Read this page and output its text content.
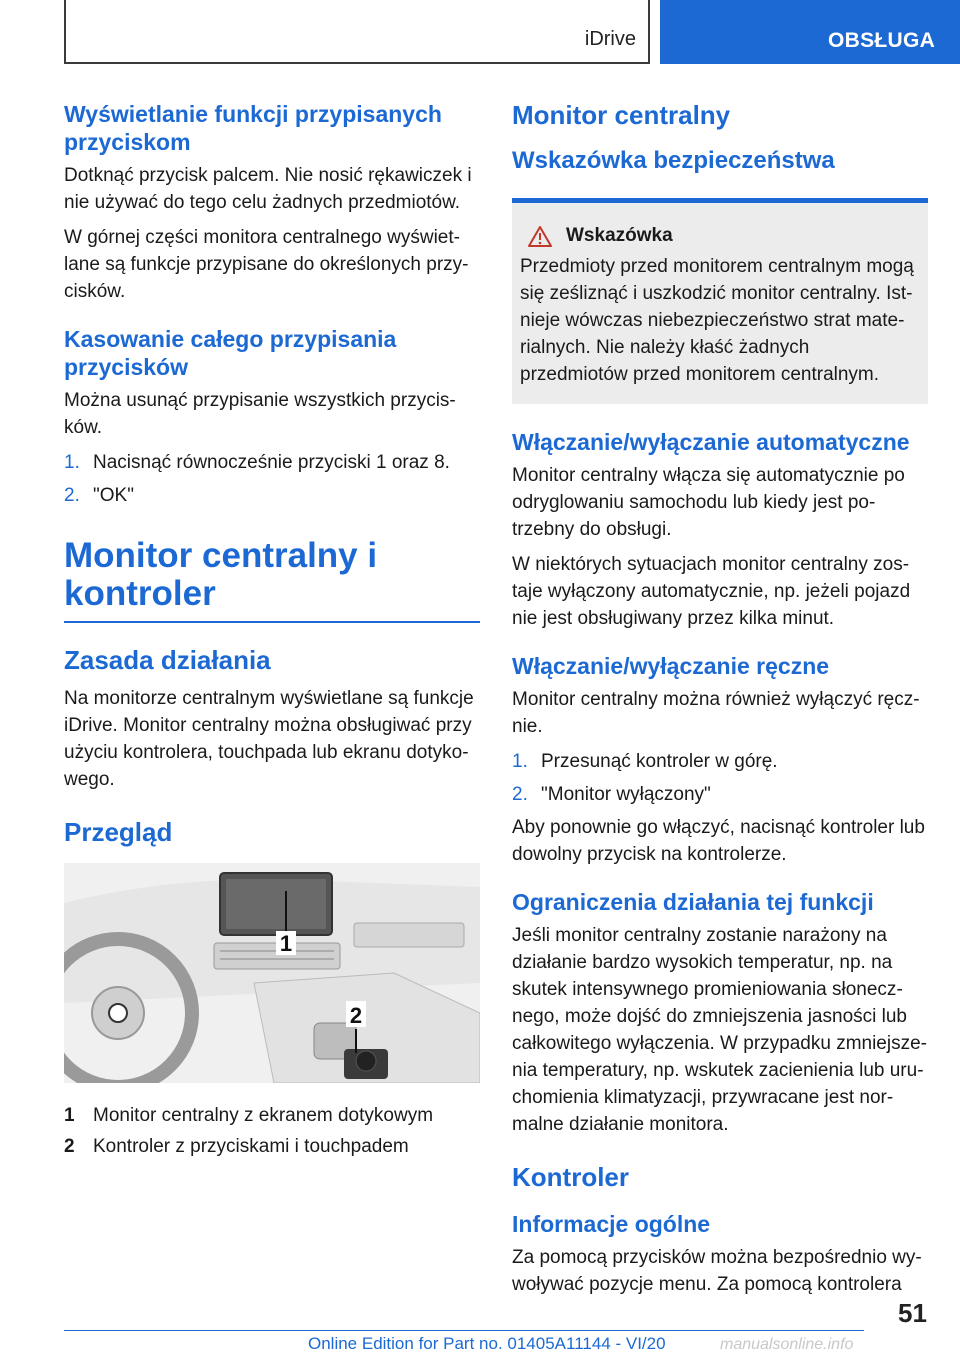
iDrive	OBSŁUGA
Wyświetlanie funkcji przypisanych przyciskom

Dotknąć przycisk palcem. Nie nosić rękawiczek i nie używać do tego celu żadnych przedmiotów.

W górnej części monitora centralnego wyświetlane są funkcje przypisane do określonych przycisków.

Kasowanie całego przypisania przycisków

Można usunąć przypisanie wszystkich przycisków.

1. Nacisnąć równocześnie przyciski 1 oraz 8.
2. "OK"
Monitor centralny i kontroler
Zasada działania

Na monitorze centralnym wyświetlane są funkcje iDrive. Monitor centralny można obsługiwać przy użyciu kontrolera, touchpada lub ekranu dotykowego.

Przegląd
1
2
1 Monitor centralny z ekranem dotykowym
2 Kontroler z przyciskami i touchpadem
Monitor centralny
Wskazówka bezpieczeństwa
Wskazówka

Przedmioty przed monitorem centralnym mogą się ześliznąć i uszkodzić monitor centralny. Istnieje wówczas niebezpieczeństwo strat materialnych. Nie należy kłaść żadnych przedmiotów przed monitorem centralnym.

Włączanie/wyłączanie automatyczne

Monitor centralny włącza się automatycznie po odryglowaniu samochodu lub kiedy jest potrzebny do obsługi.

W niektórych sytuacjach monitor centralny zostaje wyłączony automatycznie, np. jeżeli pojazd nie jest obsługiwany przez kilka minut.

Włączanie/wyłączanie ręczne

Monitor centralny można również wyłączyć ręcznie.

1. Przesunąć kontroler w górę.
2. "Monitor wyłączony"

Aby ponownie go włączyć, nacisnąć kontroler lub dowolny przycisk na kontrolerze.

Ograniczenia działania tej funkcji

Jeśli monitor centralny zostanie narażony na działanie bardzo wysokich temperatur, np. na skutek intensywnego promieniowania słonecznego, może dojść do zmniejszenia jasności lub całkowitego wyłączenia. W przypadku zmniejszenia temperatury, np. wskutek zacienienia lub uruchomienia klimatyzacji, przywracane jest normalne działanie monitora.

Kontroler
Informacje ogólne

Za pomocą przycisków można bezpośrednio wywoływać pozycje menu. Za pomocą kontrolera

51
Online Edition for Part no. 01405A11144 - VI/20	manualsonline.info
